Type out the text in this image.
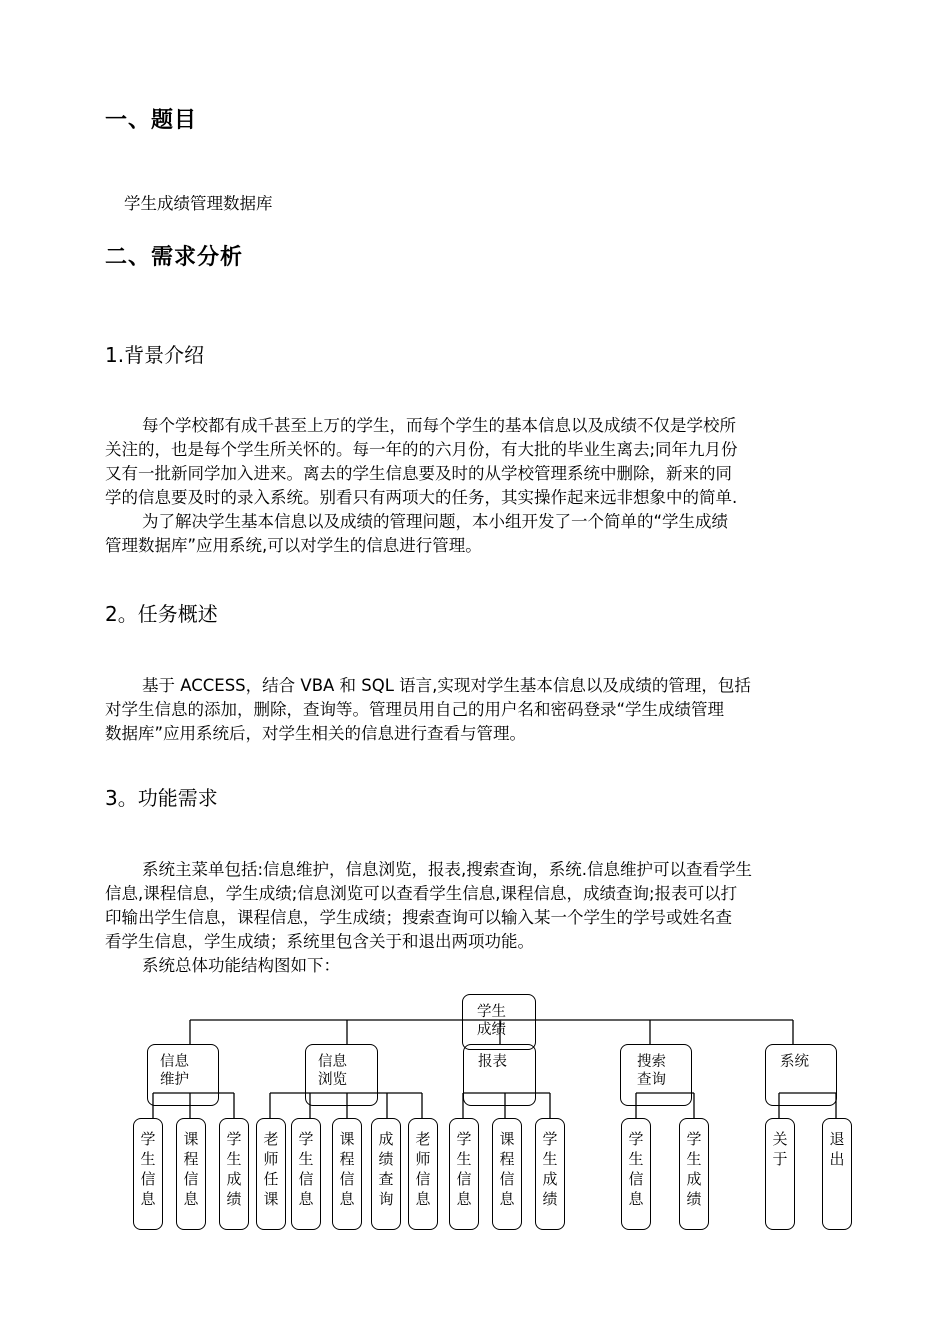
一、题目
学生成绩管理数据库
二、需求分析
1.背景介绍
每个学校都有成千甚至上万的学生，而每个学生的基本信息以及成绩不仅是学校所
关注的，也是每个学生所关怀的。每一年的的六月份，有大批的毕业生离去;同年九月份
又有一批新同学加入进来。离去的学生信息要及时的从学校管理系统中删除，新来的同
学的信息要及时的录入系统。别看只有两项大的任务，其实操作起来远非想象中的简单.
为了解决学生基本信息以及成绩的管理问题，本小组开发了一个简单的“学生成绩
管理数据库”应用系统,可以对学生的信息进行管理。
2。任务概述
基于 ACCESS，结合 VBA 和 SQL 语言,实现对学生基本信息以及成绩的管理，包括
对学生信息的添加，删除，查询等。管理员用自己的用户名和密码登录“学生成绩管理
数据库”应用系统后，对学生相关的信息进行查看与管理。
3。功能需求
系统主菜单包括:信息维护，信息浏览，报表,搜索查询，系统.信息维护可以查看学生
信息,课程信息，学生成绩;信息浏览可以查看学生信息,课程信息，成绩查询;报表可以打
印输出学生信息，课程信息，学生成绩；搜索查询可以输入某一个学生的学号或姓名查
看学生信息，学生成绩；系统里包含关于和退出两项功能。
系统总体功能结构图如下：
学生成绩
信息维护
信息浏览
报表	搜索查询
系统
学生信息
课程信息
学生成绩
老师任课
学生信息
课程信息
成绩查询
老师信息
学生信息
课程信息
学生成绩
学生信息
学生成绩
关于
退出
